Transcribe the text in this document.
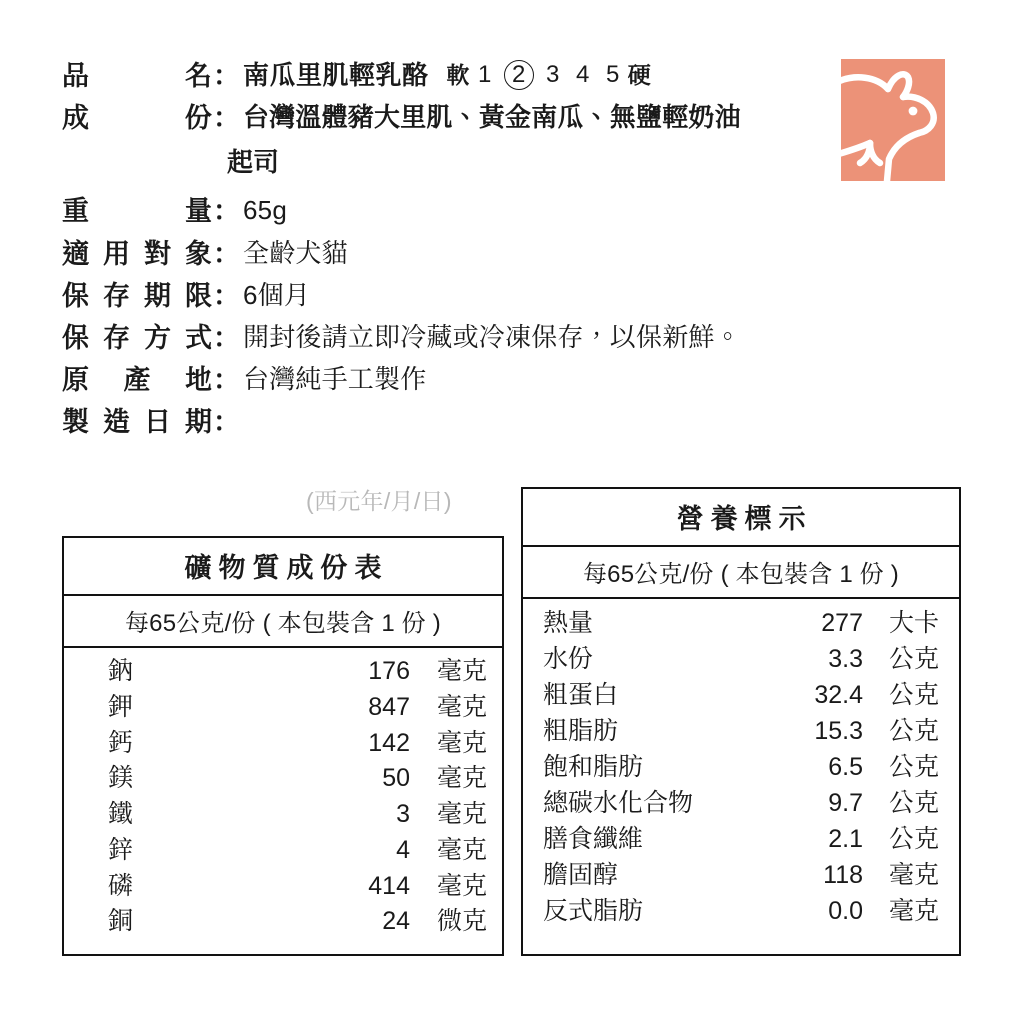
品名 ： 南瓜里肌輕乳酪 軟 1 2 3 4 5 硬
成份 ： 台灣溫體豬大里肌、黃金南瓜、無鹽輕奶油
起司
重量 ： 65g
適用對象 ： 全齡犬貓
保存期限 ： 6個月
保存方式 ： 開封後請立即冷藏或冷凍保存，以保新鮮。
原產地 ： 台灣純手工製作
製造日期 ：
(西元年/月/日)
礦物質成份表
每65公克/份 ( 本包裝含 1 份 )
鈉	176	毫克
鉀	847	毫克
鈣	142	毫克
鎂	50	毫克
鐵	3	毫克
鋅	4	毫克
磷	414	毫克
銅	24	微克
營養標示
每65公克/份 ( 本包裝含 1 份 )
熱量	277	大卡
水份	3.3	公克
粗蛋白	32.4	公克
粗脂肪	15.3	公克
飽和脂肪	6.5	公克
總碳水化合物	9.7	公克
膳食纖維	2.1	公克
膽固醇	118	毫克
反式脂肪	0.0	毫克
